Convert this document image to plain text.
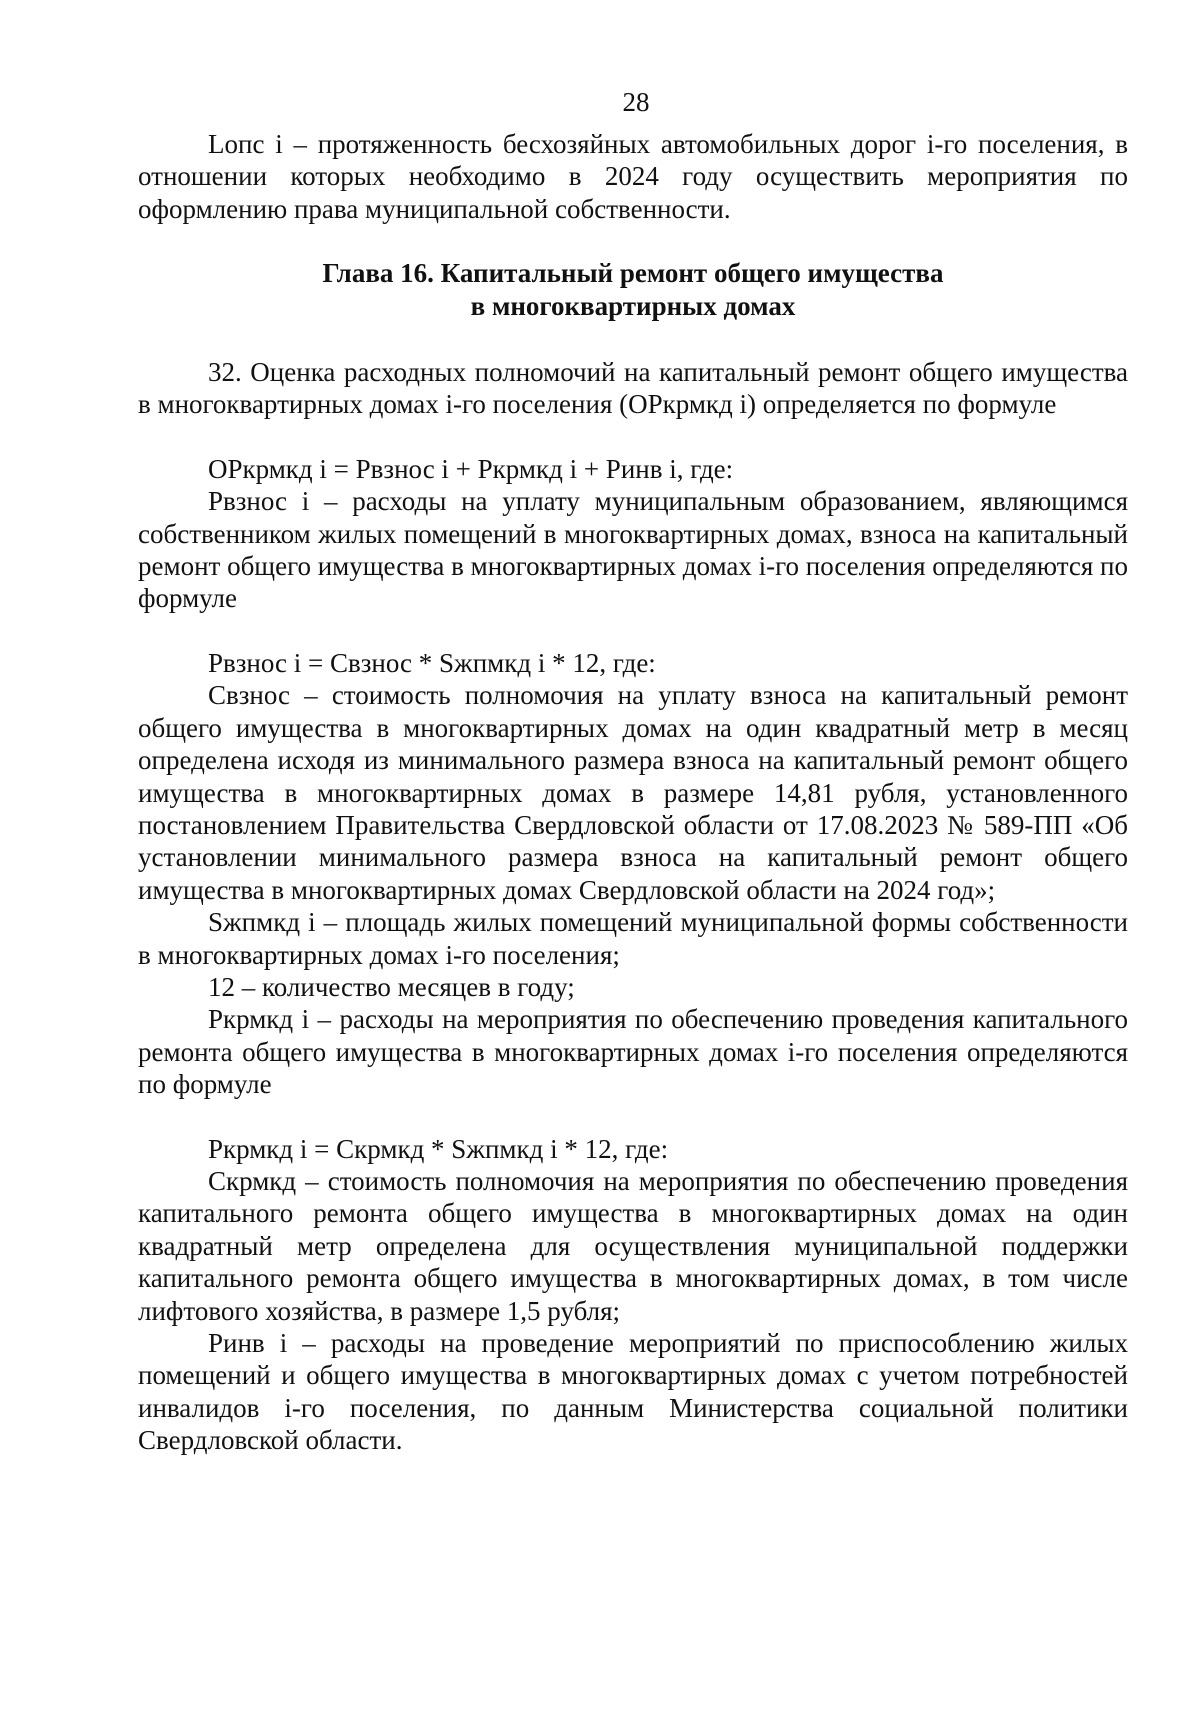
28

Lопс i – протяженность бесхозяйных автомобильных дорог i-го поселения, в отношении которых необходимо в 2024 году осуществить мероприятия по оформлению права муниципальной собственности.

Глава 16. Капитальный ремонт общего имущества
в многоквартирных домах

32. Оценка расходных полномочий на капитальный ремонт общего имущества в многоквартирных домах i-го поселения (ОРкрмкд i) определяется по формуле

ОРкрмкд i = Рвзнос i + Ркрмкд i + Ринв i, где:

Рвзнос i – расходы на уплату муниципальным образованием, являющимся собственником жилых помещений в многоквартирных домах, взноса на капитальный ремонт общего имущества в многоквартирных домах i-го поселения определяются по формуле

Рвзнос i = Свзнос * Sжпмкд i * 12, где:

Свзнос – стоимость полномочия на уплату взноса на капитальный ремонт общего имущества в многоквартирных домах на один квадратный метр в месяц определена исходя из минимального размера взноса на капитальный ремонт общего имущества в многоквартирных домах в размере 14,81 рубля, установленного постановлением Правительства Свердловской области от 17.08.2023 № 589-ПП «Об установлении минимального размера взноса на капитальный ремонт общего имущества в многоквартирных домах Свердловской области на 2024 год»;

Sжпмкд i – площадь жилых помещений муниципальной формы собственности в многоквартирных домах i-го поселения;

12 – количество месяцев в году;

Ркрмкд i – расходы на мероприятия по обеспечению проведения капитального ремонта общего имущества в многоквартирных домах i-го поселения определяются по формуле

Ркрмкд i = Скрмкд * Sжпмкд i * 12, где:

Скрмкд – стоимость полномочия на мероприятия по обеспечению проведения капитального ремонта общего имущества в многоквартирных домах на один квадратный метр определена для осуществления муниципальной поддержки капитального ремонта общего имущества в многоквартирных домах, в том числе лифтового хозяйства, в размере 1,5 рубля;

Ринв i – расходы на проведение мероприятий по приспособлению жилых помещений и общего имущества в многоквартирных домах с учетом потребностей инвалидов i-го поселения, по данным Министерства социальной политики Свердловской области.
